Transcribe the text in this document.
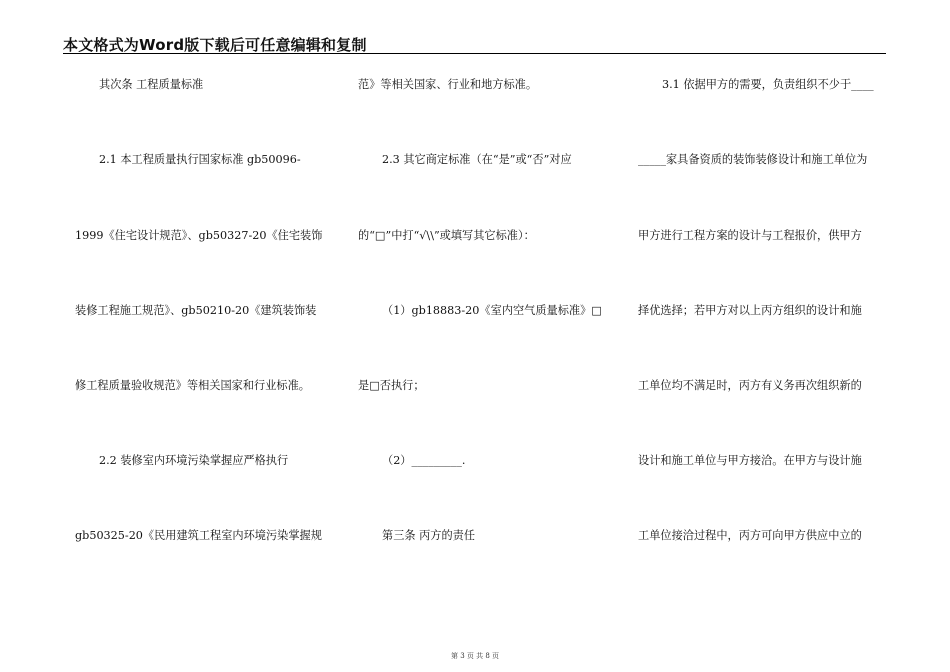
本文格式为Word版下载后可任意编辑和复制
其次条 工程质量标准
2.1 本工程质量执行国家标准 gb50096-
1999《住宅设计规范》、gb50327-20《住宅装饰
装修工程施工规范》、gb50210-20《建筑装饰装
修工程质量验收规范》等相关国家和行业标准。
2.2 装修室内环境污染掌握应严格执行
gb50325-20《民用建筑工程室内环境污染掌握规
范》等相关国家、行业和地方标准。
2.3 其它商定标准（在“是”或“否”对应
的“□”中打“√\\”或填写其它标准）：
（1）gb18883-20《室内空气质量标准》□
是□否执行；
（2）_________.
第三条 丙方的责任
3.1 依据甲方的需要，负责组织不少于____
_____家具备资质的装饰装修设计和施工单位为
甲方进行工程方案的设计与工程报价，供甲方
择优选择；若甲方对以上丙方组织的设计和施
工单位均不满足时，丙方有义务再次组织新的
设计和施工单位与甲方接洽。在甲方与设计施
工单位接洽过程中，丙方可向甲方供应中立的
第 3 页 共 8 页
